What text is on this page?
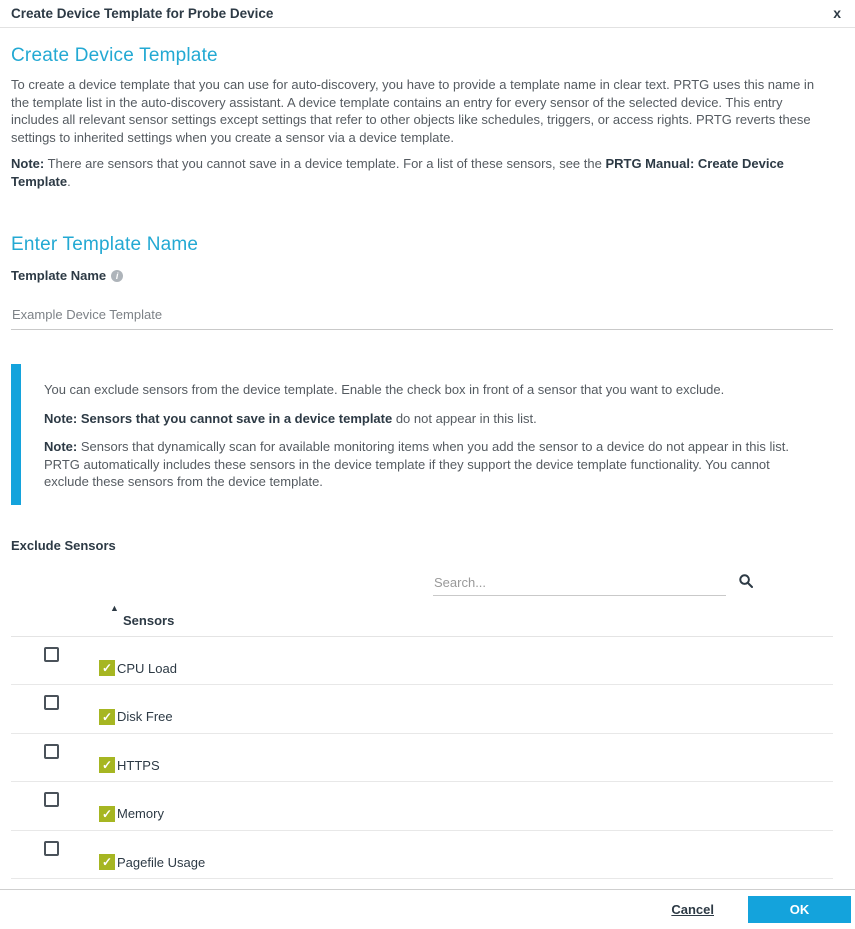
Create Device Template for Probe Device	x
Create Device Template

To create a device template that you can use for auto-discovery, you have to provide a template name in clear text. PRTG uses this name in the template list in the auto-discovery assistant. A device template contains an entry for every sensor of the selected device. This entry includes all relevant sensor settings except settings that refer to other objects like schedules, triggers, or access rights. PRTG reverts these settings to inherited settings when you create a sensor via a device template.

Note: There are sensors that you cannot save in a device template. For a list of these sensors, see the PRTG Manual: Create Device Template.

Enter Template Name
Template Name	i
Example Device Template

You can exclude sensors from the device template. Enable the check box in front of a sensor that you want to exclude.

Note: Sensors that you cannot save in a device template do not appear in this list.

Note: Sensors that dynamically scan for available monitoring items when you add the sensor to a device do not appear in this list. PRTG automatically includes these sensors in the device template if they support the device template functionality. You cannot exclude these sensors from the device template.

Exclude Sensors
Search...
▲
Sensors
✓ CPU Load
✓ Disk Free
✓ HTTPS
✓ Memory
✓ Pagefile Usage
Cancel	OK
